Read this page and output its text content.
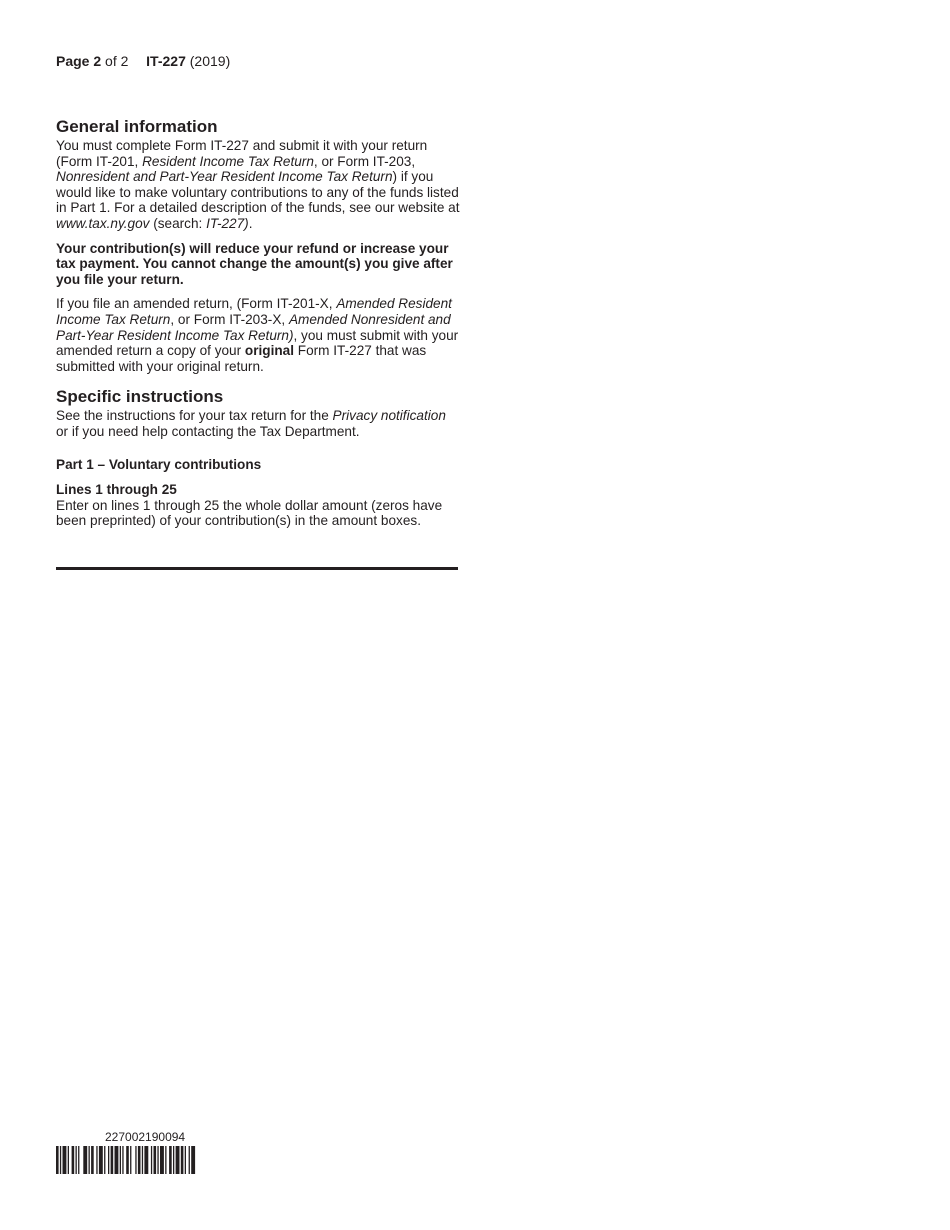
Page 2 of 2 IT-227 (2019)
General information

You must complete Form IT-227 and submit it with your return (Form IT-201, Resident Income Tax Return, or Form IT-203, Nonresident and Part-Year Resident Income Tax Return) if you would like to make voluntary contributions to any of the funds listed in Part 1. For a detailed description of the funds, see our website at www.tax.ny.gov (search: IT-227).

Your contribution(s) will reduce your refund or increase your tax payment. You cannot change the amount(s) you give after you file your return.

If you file an amended return, (Form IT-201-X, Amended Resident Income Tax Return, or Form IT-203-X, Amended Nonresident and Part-Year Resident Income Tax Return), you must submit with your amended return a copy of your original Form IT-227 that was submitted with your original return.

Specific instructions

See the instructions for your tax return for the Privacy notification or if you need help contacting the Tax Department.

Part 1 – Voluntary contributions
Lines 1 through 25

Enter on lines 1 through 25 the whole dollar amount (zeros have been preprinted) of your contribution(s) in the amount boxes.

227002190094
